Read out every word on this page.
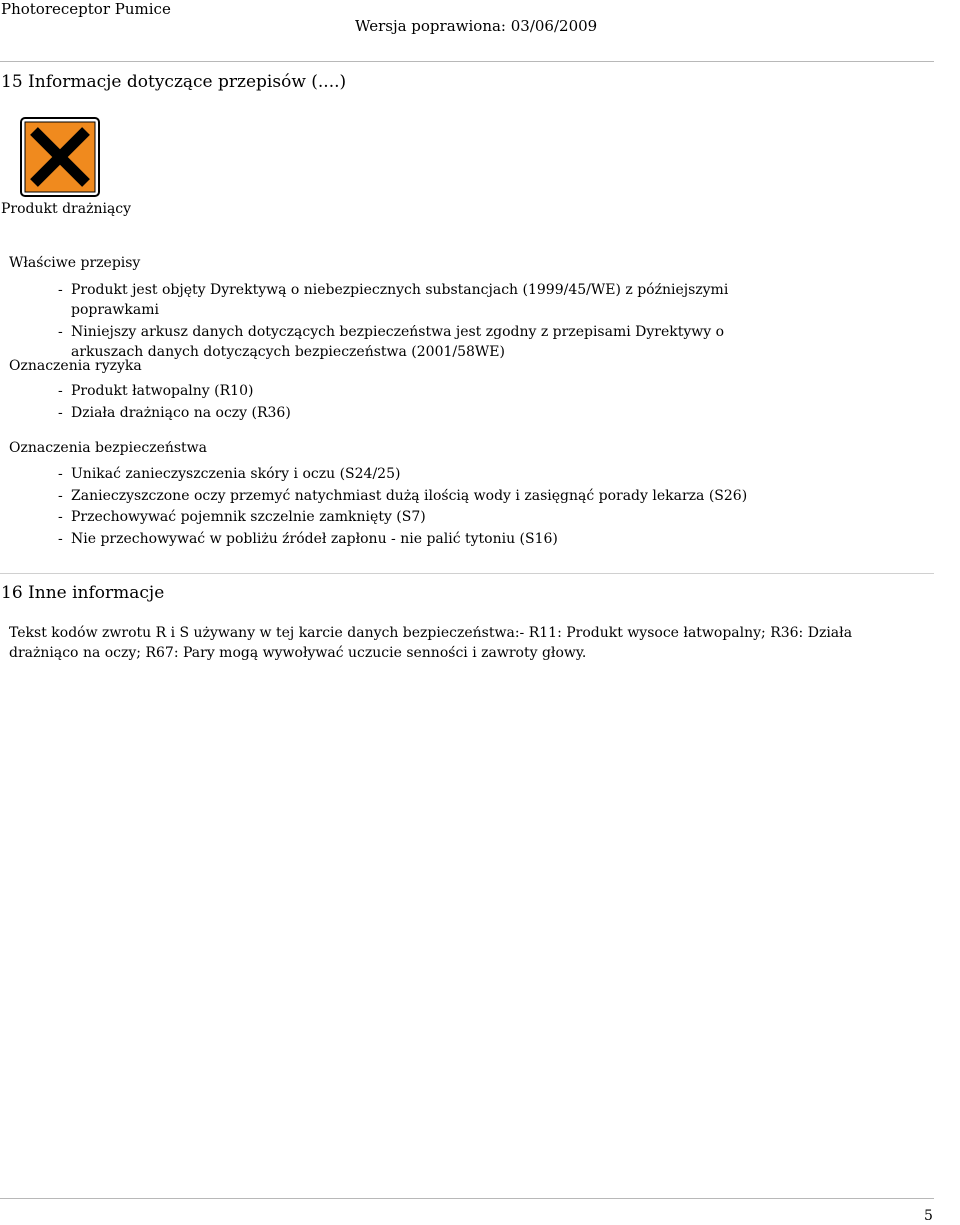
Photoreceptor Pumice
Wersja poprawiona: 03/06/2009
15 Informacje dotyczące przepisów (....)
Produkt drażniący
Właściwe przepisy
- Produkt jest objęty Dyrektywą o niebezpiecznych substancjach (1999/45/WE) z późniejszymi poprawkami
- Niniejszy arkusz danych dotyczących bezpieczeństwa jest zgodny z przepisami Dyrektywy o arkuszach danych dotyczących bezpieczeństwa (2001/58WE)
Oznaczenia ryzyka
- Produkt łatwopalny (R10)
- Działa drażniąco na oczy (R36)
Oznaczenia bezpieczeństwa
- Unikać zanieczyszczenia skóry i oczu (S24/25)
- Zanieczyszczone oczy przemyć natychmiast dużą ilością wody i zasięgnąć porady lekarza (S26)
- Przechowywać pojemnik szczelnie zamknięty (S7)
- Nie przechowywać w pobliżu źródeł zapłonu - nie palić tytoniu (S16)
16 Inne informacje
Tekst kodów zwrotu R i S używany w tej karcie danych bezpieczeństwa:- R11: Produkt wysoce łatwopalny; R36: Działa drażniąco na oczy; R67: Pary mogą wywoływać uczucie senności i zawroty głowy.
5
